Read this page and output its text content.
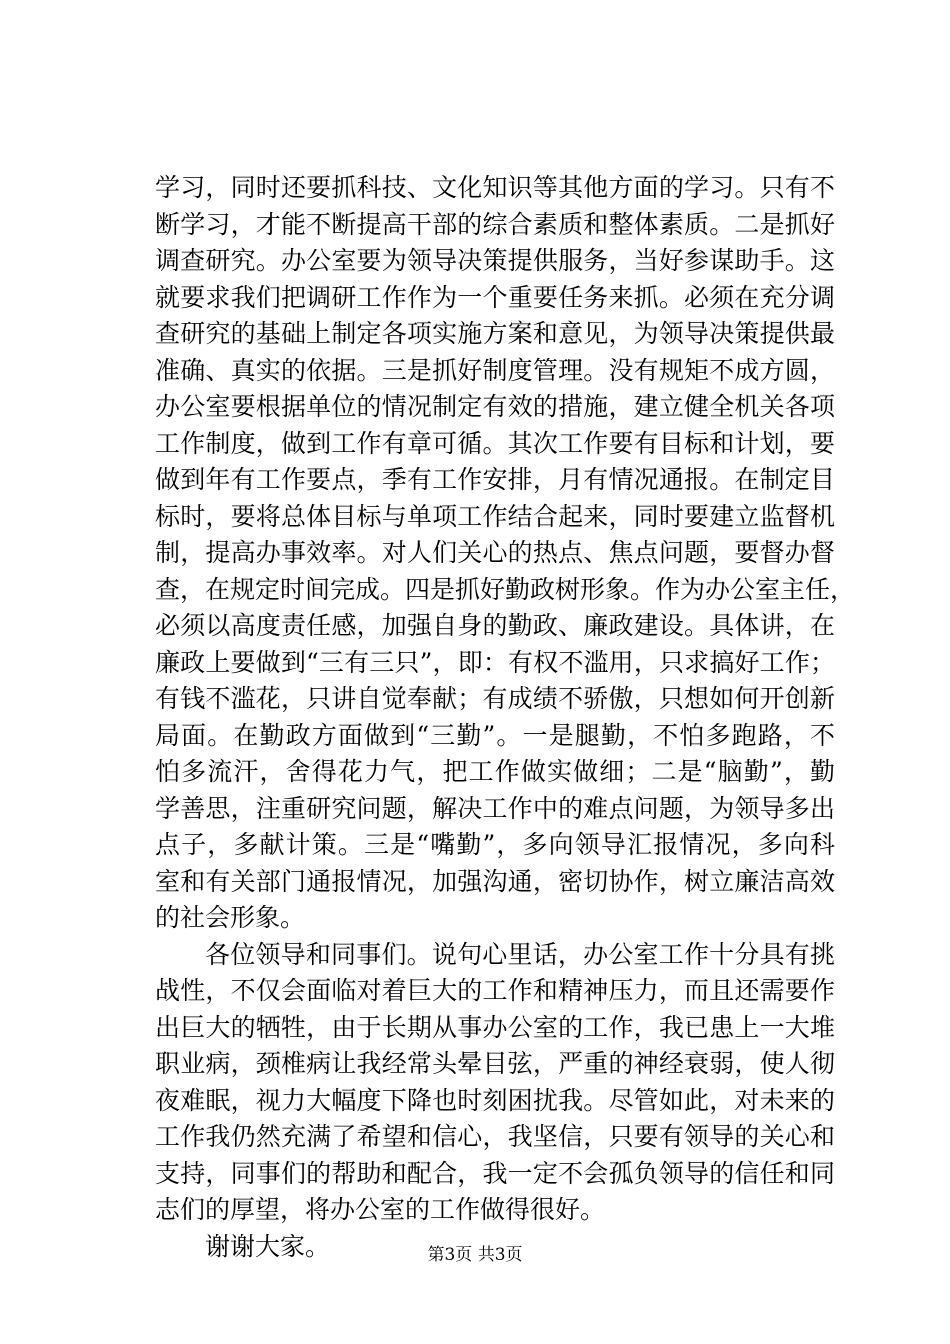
学习，同时还要抓科技、文化知识等其他方面的学习。只有不
断学习，才能不断提高干部的综合素质和整体素质。二是抓好
调查研究。办公室要为领导决策提供服务，当好参谋助手。这
就要求我们把调研工作作为一个重要任务来抓。必须在充分调
查研究的基础上制定各项实施方案和意见，为领导决策提供最
准确、真实的依据。三是抓好制度管理。没有规矩不成方圆，
办公室要根据单位的情况制定有效的措施，建立健全机关各项
工作制度，做到工作有章可循。其次工作要有目标和计划，要
做到年有工作要点，季有工作安排，月有情况通报。在制定目
标时，要将总体目标与单项工作结合起来，同时要建立监督机
制，提高办事效率。对人们关心的热点、焦点问题，要督办督
查，在规定时间完成。四是抓好勤政树形象。作为办公室主任，
必须以高度责任感，加强自身的勤政、廉政建设。具体讲，在
廉政上要做到“三有三只”，即：有权不滥用，只求搞好工作；
有钱不滥花，只讲自觉奉献；有成绩不骄傲，只想如何开创新
局面。在勤政方面做到“三勤”。一是腿勤，不怕多跑路，不
怕多流汗，舍得花力气，把工作做实做细；二是“脑勤”，勤
学善思，注重研究问题，解决工作中的难点问题，为领导多出
点子，多献计策。三是“嘴勤”，多向领导汇报情况，多向科
室和有关部门通报情况，加强沟通，密切协作，树立廉洁高效
的社会形象。
各位领导和同事们。说句心里话，办公室工作十分具有挑
战性，不仅会面临对着巨大的工作和精神压力，而且还需要作
出巨大的牺牲，由于长期从事办公室的工作，我已患上一大堆
职业病，颈椎病让我经常头晕目弦，严重的神经衰弱，使人彻
夜难眠，视力大幅度下降也时刻困扰我。尽管如此，对未来的
工作我仍然充满了希望和信心，我坚信，只要有领导的关心和
支持，同事们的帮助和配合，我一定不会孤负领导的信任和同
志们的厚望，将办公室的工作做得很好。
谢谢大家。	第3页 共3页
